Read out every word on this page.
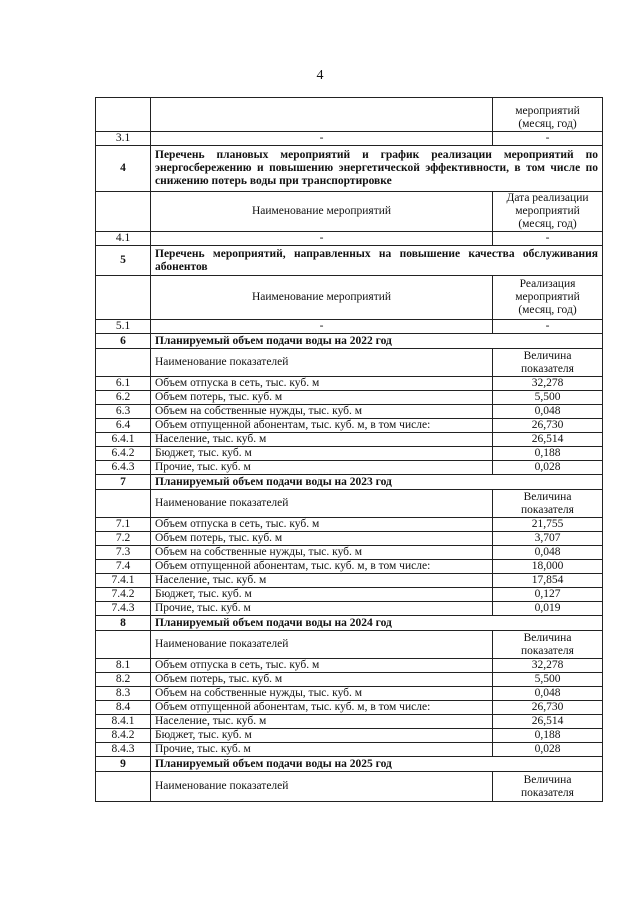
4
		мероприятий (месяц, год)
3.1	-	-
4	Перечень плановых мероприятий и график реализации мероприятий по энергосбережению и повышению энергетической эффективности, в том числе по снижению потерь воды при транспортировке	
	Наименование мероприятий	Дата реализации мероприятий (месяц, год)
4.1	-	-
5	Перечень мероприятий, направленных на повышение качества обслуживания абонентов	
	Наименование мероприятий	Реализация мероприятий (месяц, год)
5.1	-	-
6	Планируемый объем подачи воды на 2022 год	
	Наименование показателей	Величина показателя
6.1	Объем отпуска в сеть, тыс. куб. м	32,278
6.2	Объем потерь, тыс. куб. м	5,500
6.3	Объем на собственные нужды, тыс. куб. м	0,048
6.4	Объем отпущенной абонентам, тыс. куб. м, в том числе:	26,730
6.4.1	Население, тыс. куб. м	26,514
6.4.2	Бюджет, тыс. куб. м	0,188
6.4.3	Прочие, тыс. куб. м	0,028
7	Планируемый объем подачи воды на 2023 год	
	Наименование показателей	Величина показателя
7.1	Объем отпуска в сеть, тыс. куб. м	21,755
7.2	Объем потерь, тыс. куб. м	3,707
7.3	Объем на собственные нужды, тыс. куб. м	0,048
7.4	Объем отпущенной абонентам, тыс. куб. м, в том числе:	18,000
7.4.1	Население, тыс. куб. м	17,854
7.4.2	Бюджет, тыс. куб. м	0,127
7.4.3	Прочие, тыс. куб. м	0,019
8	Планируемый объем подачи воды на 2024 год	
	Наименование показателей	Величина показателя
8.1	Объем отпуска в сеть, тыс. куб. м	32,278
8.2	Объем потерь, тыс. куб. м	5,500
8.3	Объем на собственные нужды, тыс. куб. м	0,048
8.4	Объем отпущенной абонентам, тыс. куб. м, в том числе:	26,730
8.4.1	Население, тыс. куб. м	26,514
8.4.2	Бюджет, тыс. куб. м	0,188
8.4.3	Прочие, тыс. куб. м	0,028
9	Планируемый объем подачи воды на 2025 год	
	Наименование показателей	Величина показателя
